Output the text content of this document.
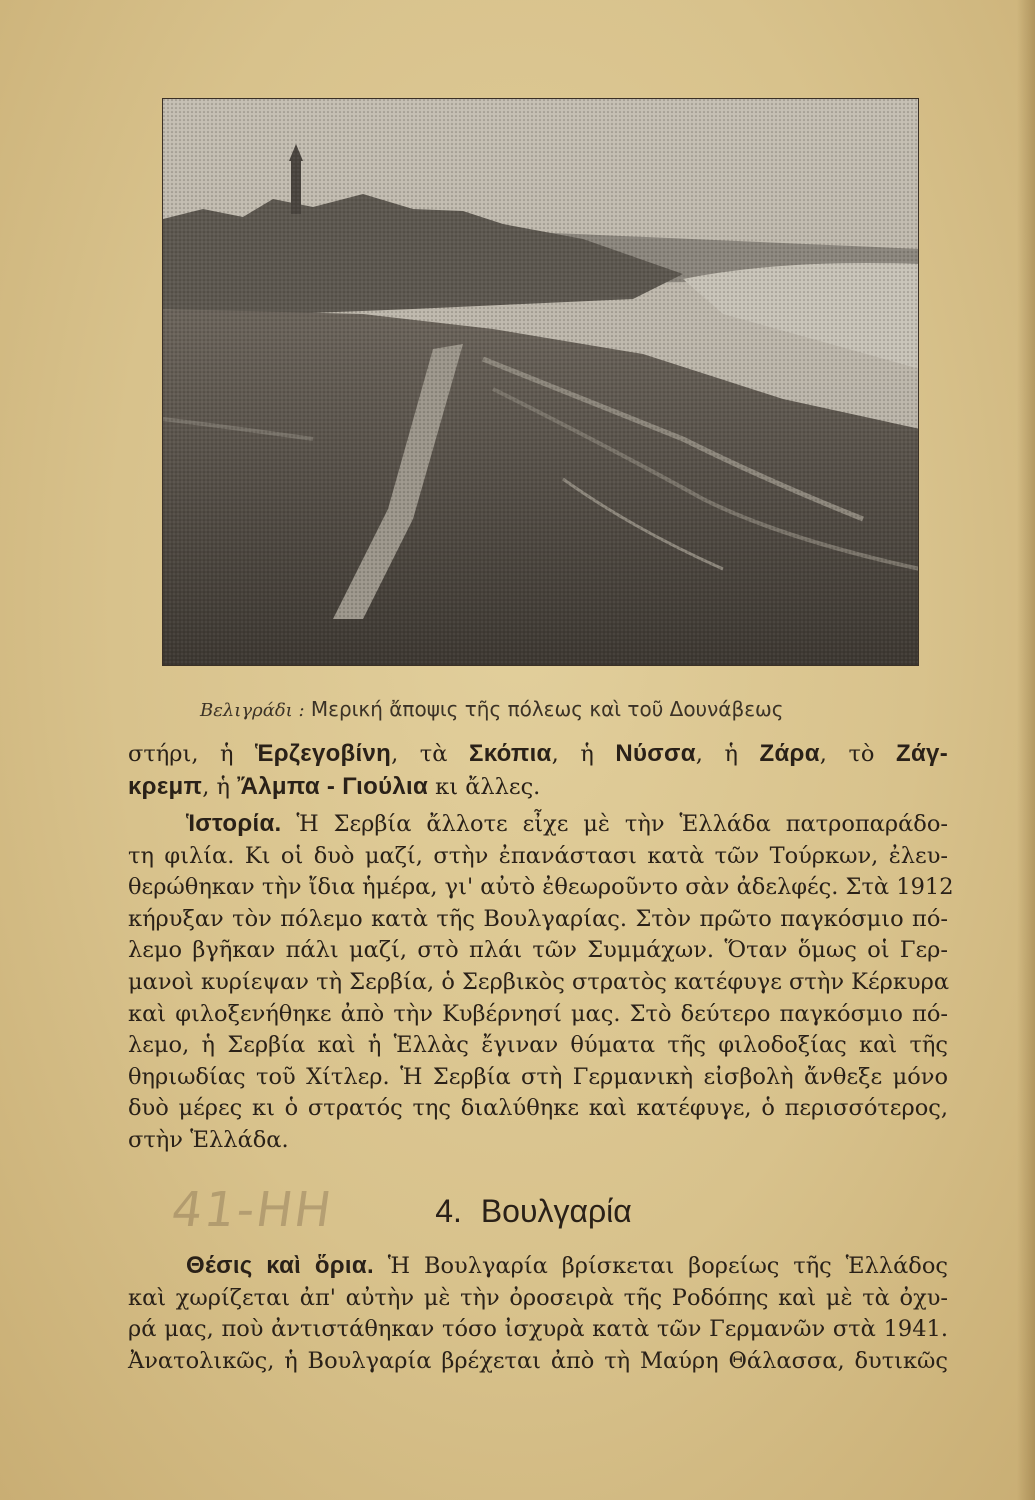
Βελιγράδι : Μερική ἄποψις τῆς πόλεως καὶ τοῦ Δουνάβεως
στήρι, ἡ Ἑρζεγοβίνη, τὰ Σκόπια, ἡ Νύσσα, ἡ Ζάρα, τὸ Ζάγ-
κρεμπ, ἡ Ἄλμπα - Γιούλια κι ἄλλες.
Ἱστορία. Ἡ Σερβία ἄλλοτε εἶχε μὲ τὴν Ἑλλάδα πατροπαράδο-
τη φιλία. Κι οἱ δυὸ μαζί, στὴν ἐπανάστασι κατὰ τῶν Τούρκων, ἐλευ-
θερώθηκαν τὴν ἴδια ἡμέρα, γι' αὐτὸ ἐθεωροῦντο σὰν ἀδελφές. Στὰ 1912
κήρυξαν τὸν πόλεμο κατὰ τῆς Βουλγαρίας. Στὸν πρῶτο παγκόσμιο πό-
λεμο βγῆκαν πάλι μαζί, στὸ πλάι τῶν Συμμάχων. Ὅταν ὅμως οἱ Γερ-
μανοὶ κυρίεψαν τὴ Σερβία, ὁ Σερβικὸς στρατὸς κατέφυγε στὴν Κέρκυρα
καὶ φιλοξενήθηκε ἀπὸ τὴν Κυβέρνησί μας. Στὸ δεύτερο παγκόσμιο πό-
λεμο, ἡ Σερβία καὶ ἡ Ἑλλὰς ἔγιναν θύματα τῆς φιλοδοξίας καὶ τῆς
θηριωδίας τοῦ Χίτλερ. Ἡ Σερβία στὴ Γερμανικὴ εἰσβολὴ ἄνθεξε μόνο
δυὸ μέρες κι ὁ στρατός της διαλύθηκε καὶ κατέφυγε, ὁ περισσότερος,
στὴν Ἑλλάδα.
41-ΗΗ	4. Βουλγαρία
Θέσις καὶ ὅρια. Ἡ Βουλγαρία βρίσκεται βορείως τῆς Ἑλλάδος
καὶ χωρίζεται ἀπ' αὐτὴν μὲ τὴν ὀροσειρὰ τῆς Ροδόπης καὶ μὲ τὰ ὀχυ-
ρά μας, ποὺ ἀντιστάθηκαν τόσο ἰσχυρὰ κατὰ τῶν Γερμανῶν στὰ 1941.
Ἀνατολικῶς, ἡ Βουλγαρία βρέχεται ἀπὸ τὴ Μαύρη Θάλασσα, δυτικῶς
